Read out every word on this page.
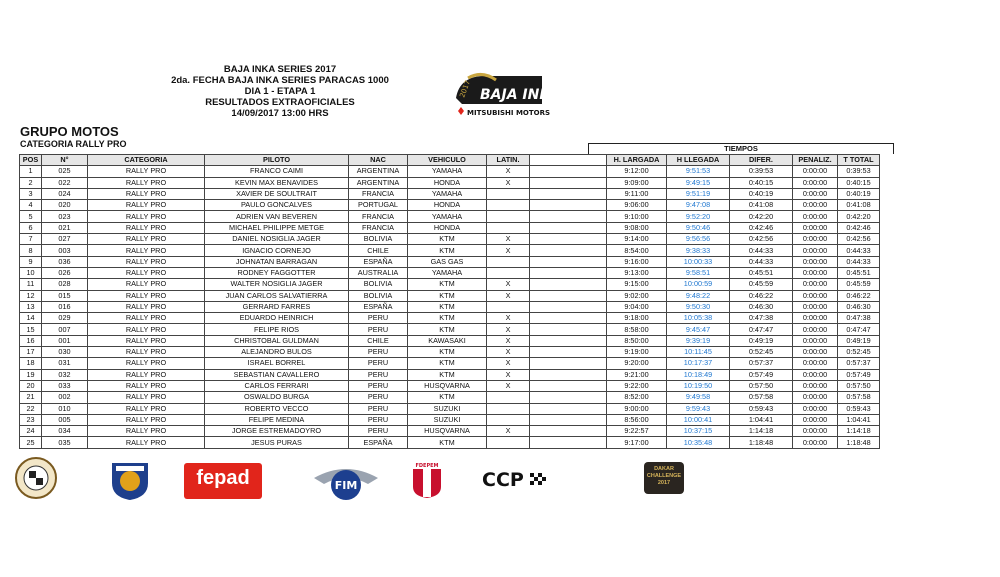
BAJA INKA SERIES 2017
2da. FECHA BAJA INKA SERIES PARACAS 1000
DIA 1 - ETAPA 1
RESULTADOS EXTRAOFICIALES
14/09/2017 13:00 HRS
2017 BAJA INKA
MITSUBISHI MOTORS
GRUPO MOTOS
CATEGORIA RALLY PRO	TIEMPOS
POS	N°	CATEGORIA	PILOTO	NAC	VEHICULO	LATIN.		H. LARGADA	H LLEGADA	DIFER.	PENALIZ.	T TOTAL
1	025	RALLY PRO	FRANCO CAIMI	ARGENTINA	YAMAHA	X		9:12:00	9:51:53	0:39:53	0:00:00	0:39:53
2	022	RALLY PRO	KEVIN MAX BENAVIDES	ARGENTINA	HONDA	X		9:09:00	9:49:15	0:40:15	0:00:00	0:40:15
3	024	RALLY PRO	XAVIER DE SOULTRAIT	FRANCIA	YAMAHA			9:11:00	9:51:19	0:40:19	0:00:00	0:40:19
4	020	RALLY PRO	PAULO GONCALVES	PORTUGAL	HONDA			9:06:00	9:47:08	0:41:08	0:00:00	0:41:08
5	023	RALLY PRO	ADRIEN VAN BEVEREN	FRANCIA	YAMAHA			9:10:00	9:52:20	0:42:20	0:00:00	0:42:20
6	021	RALLY PRO	MICHAEL PHILIPPE METGE	FRANCIA	HONDA			9:08:00	9:50:46	0:42:46	0:00:00	0:42:46
7	027	RALLY PRO	DANIEL NOSIGLIA JAGER	BOLIVIA	KTM	X		9:14:00	9:56:56	0:42:56	0:00:00	0:42:56
8	003	RALLY PRO	IGNACIO CORNEJO	CHILE	KTM	X		8:54:00	9:38:33	0:44:33	0:00:00	0:44:33
9	036	RALLY PRO	JOHNATAN BARRAGAN	ESPAÑA	GAS GAS			9:16:00	10:00:33	0:44:33	0:00:00	0:44:33
10	026	RALLY PRO	RODNEY FAGGOTTER	AUSTRALIA	YAMAHA			9:13:00	9:58:51	0:45:51	0:00:00	0:45:51
11	028	RALLY PRO	WALTER NOSIGLIA JAGER	BOLIVIA	KTM	X		9:15:00	10:00:59	0:45:59	0:00:00	0:45:59
12	015	RALLY PRO	JUAN CARLOS SALVATIERRA	BOLIVIA	KTM	X		9:02:00	9:48:22	0:46:22	0:00:00	0:46:22
13	016	RALLY PRO	GERRARD FARRES	ESPAÑA	KTM			9:04:00	9:50:30	0:46:30	0:00:00	0:46:30
14	029	RALLY PRO	EDUARDO HEINRICH	PERU	KTM	X		9:18:00	10:05:38	0:47:38	0:00:00	0:47:38
15	007	RALLY PRO	FELIPE RIOS	PERU	KTM	X		8:58:00	9:45:47	0:47:47	0:00:00	0:47:47
16	001	RALLY PRO	CHRISTOBAL GULDMAN	CHILE	KAWASAKI	X		8:50:00	9:39:19	0:49:19	0:00:00	0:49:19
17	030	RALLY PRO	ALEJANDRO BULOS	PERU	KTM	X		9:19:00	10:11:45	0:52:45	0:00:00	0:52:45
18	031	RALLY PRO	ISRAEL BORREL	PERU	KTM	X		9:20:00	10:17:37	0:57:37	0:00:00	0:57:37
19	032	RALLY PRO	SEBASTIAN CAVALLERO	PERU	KTM	X		9:21:00	10:18:49	0:57:49	0:00:00	0:57:49
20	033	RALLY PRO	CARLOS FERRARI	PERU	HUSQVARNA	X		9:22:00	10:19:50	0:57:50	0:00:00	0:57:50
21	002	RALLY PRO	OSWALDO BURGA	PERU	KTM			8:52:00	9:49:58	0:57:58	0:00:00	0:57:58
22	010	RALLY PRO	ROBERTO VECCO	PERU	SUZUKI			9:00:00	9:59:43	0:59:43	0:00:00	0:59:43
23	005	RALLY PRO	FELIPE MEDINA	PERU	SUZUKI			8:56:00	10:00:41	1:04:41	0:00:00	1:04:41
24	034	RALLY PRO	JORGE ESTREMADOYRO	PERU	HUSQVARNA	X		9:22:57	10:37:15	1:14:18	0:00:00	1:14:18
25	035	RALLY PRO	JESUS PURAS	ESPAÑA	KTM			9:17:00	10:35:48	1:18:48	0:00:00	1:18:48
fepad	FIM
FDEPEM
CCP	DAKAR CHALLENGE 2017
